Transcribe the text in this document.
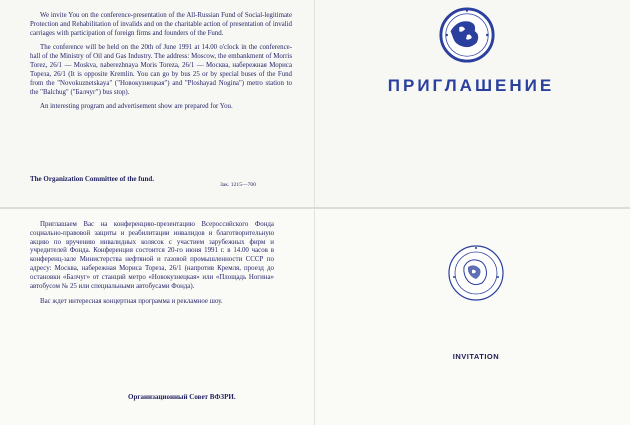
We invite You on the conference-presentation of the All-Russian Fund of Social-legitimate Protection and Rehabilitation of invalids and on the charitable action of presentation of invalid carriages with participation of foreign firms and founders of the Fund.

The conference will be held on the 20th of June 1991 at 14.00 o'clock in the conference-hall of the Ministry of Oil and Gas Industry. The address: Moscow, the embankment of Morris Torez, 26/1 — Moskva, naberezhnaya Moris Toreza, 26/1 — Москва, набережная Мориса Тореза, 26/1 (It is opposite Kremlin. You can go by bus 25 or by special buses of the Fund from the "Novokuznetskaya" ("Новокузнецкая") and "Ploshayad Nogina") metro station to the "Balchug" ("Балчуг") bus stop).

An interesting program and advertisement show are prepared for You.

The Organization Committee of the fund.
Зак. 1215—700
ПРИГЛАШЕНИЕ

Приглашаем Вас на конференцию-презентацию Всероссийского Фонда социально-правовой защиты и реабилитации инвалидов и благотворительную акцию по вручению инвалидных колясок с участием зарубежных фирм и учредителей Фонда. Конференция состоится 20-го июня 1991 г. в 14.00 часов в конференц-зале Министерства нефтяной и газовой промышленности СССР по адресу: Москва, набережная Мориса Тореза, 26/1 (напротив Кремля, проезд до остановки «Балчуг» от станций метро «Новокузнецкая» или «Площадь Ногина» автобусом № 25 или специальными автобусами Фонда).

Вас ждет интересная концертная программа и рекламное шоу.

Организационный Совет ВФЗРИ.
INVITATION
